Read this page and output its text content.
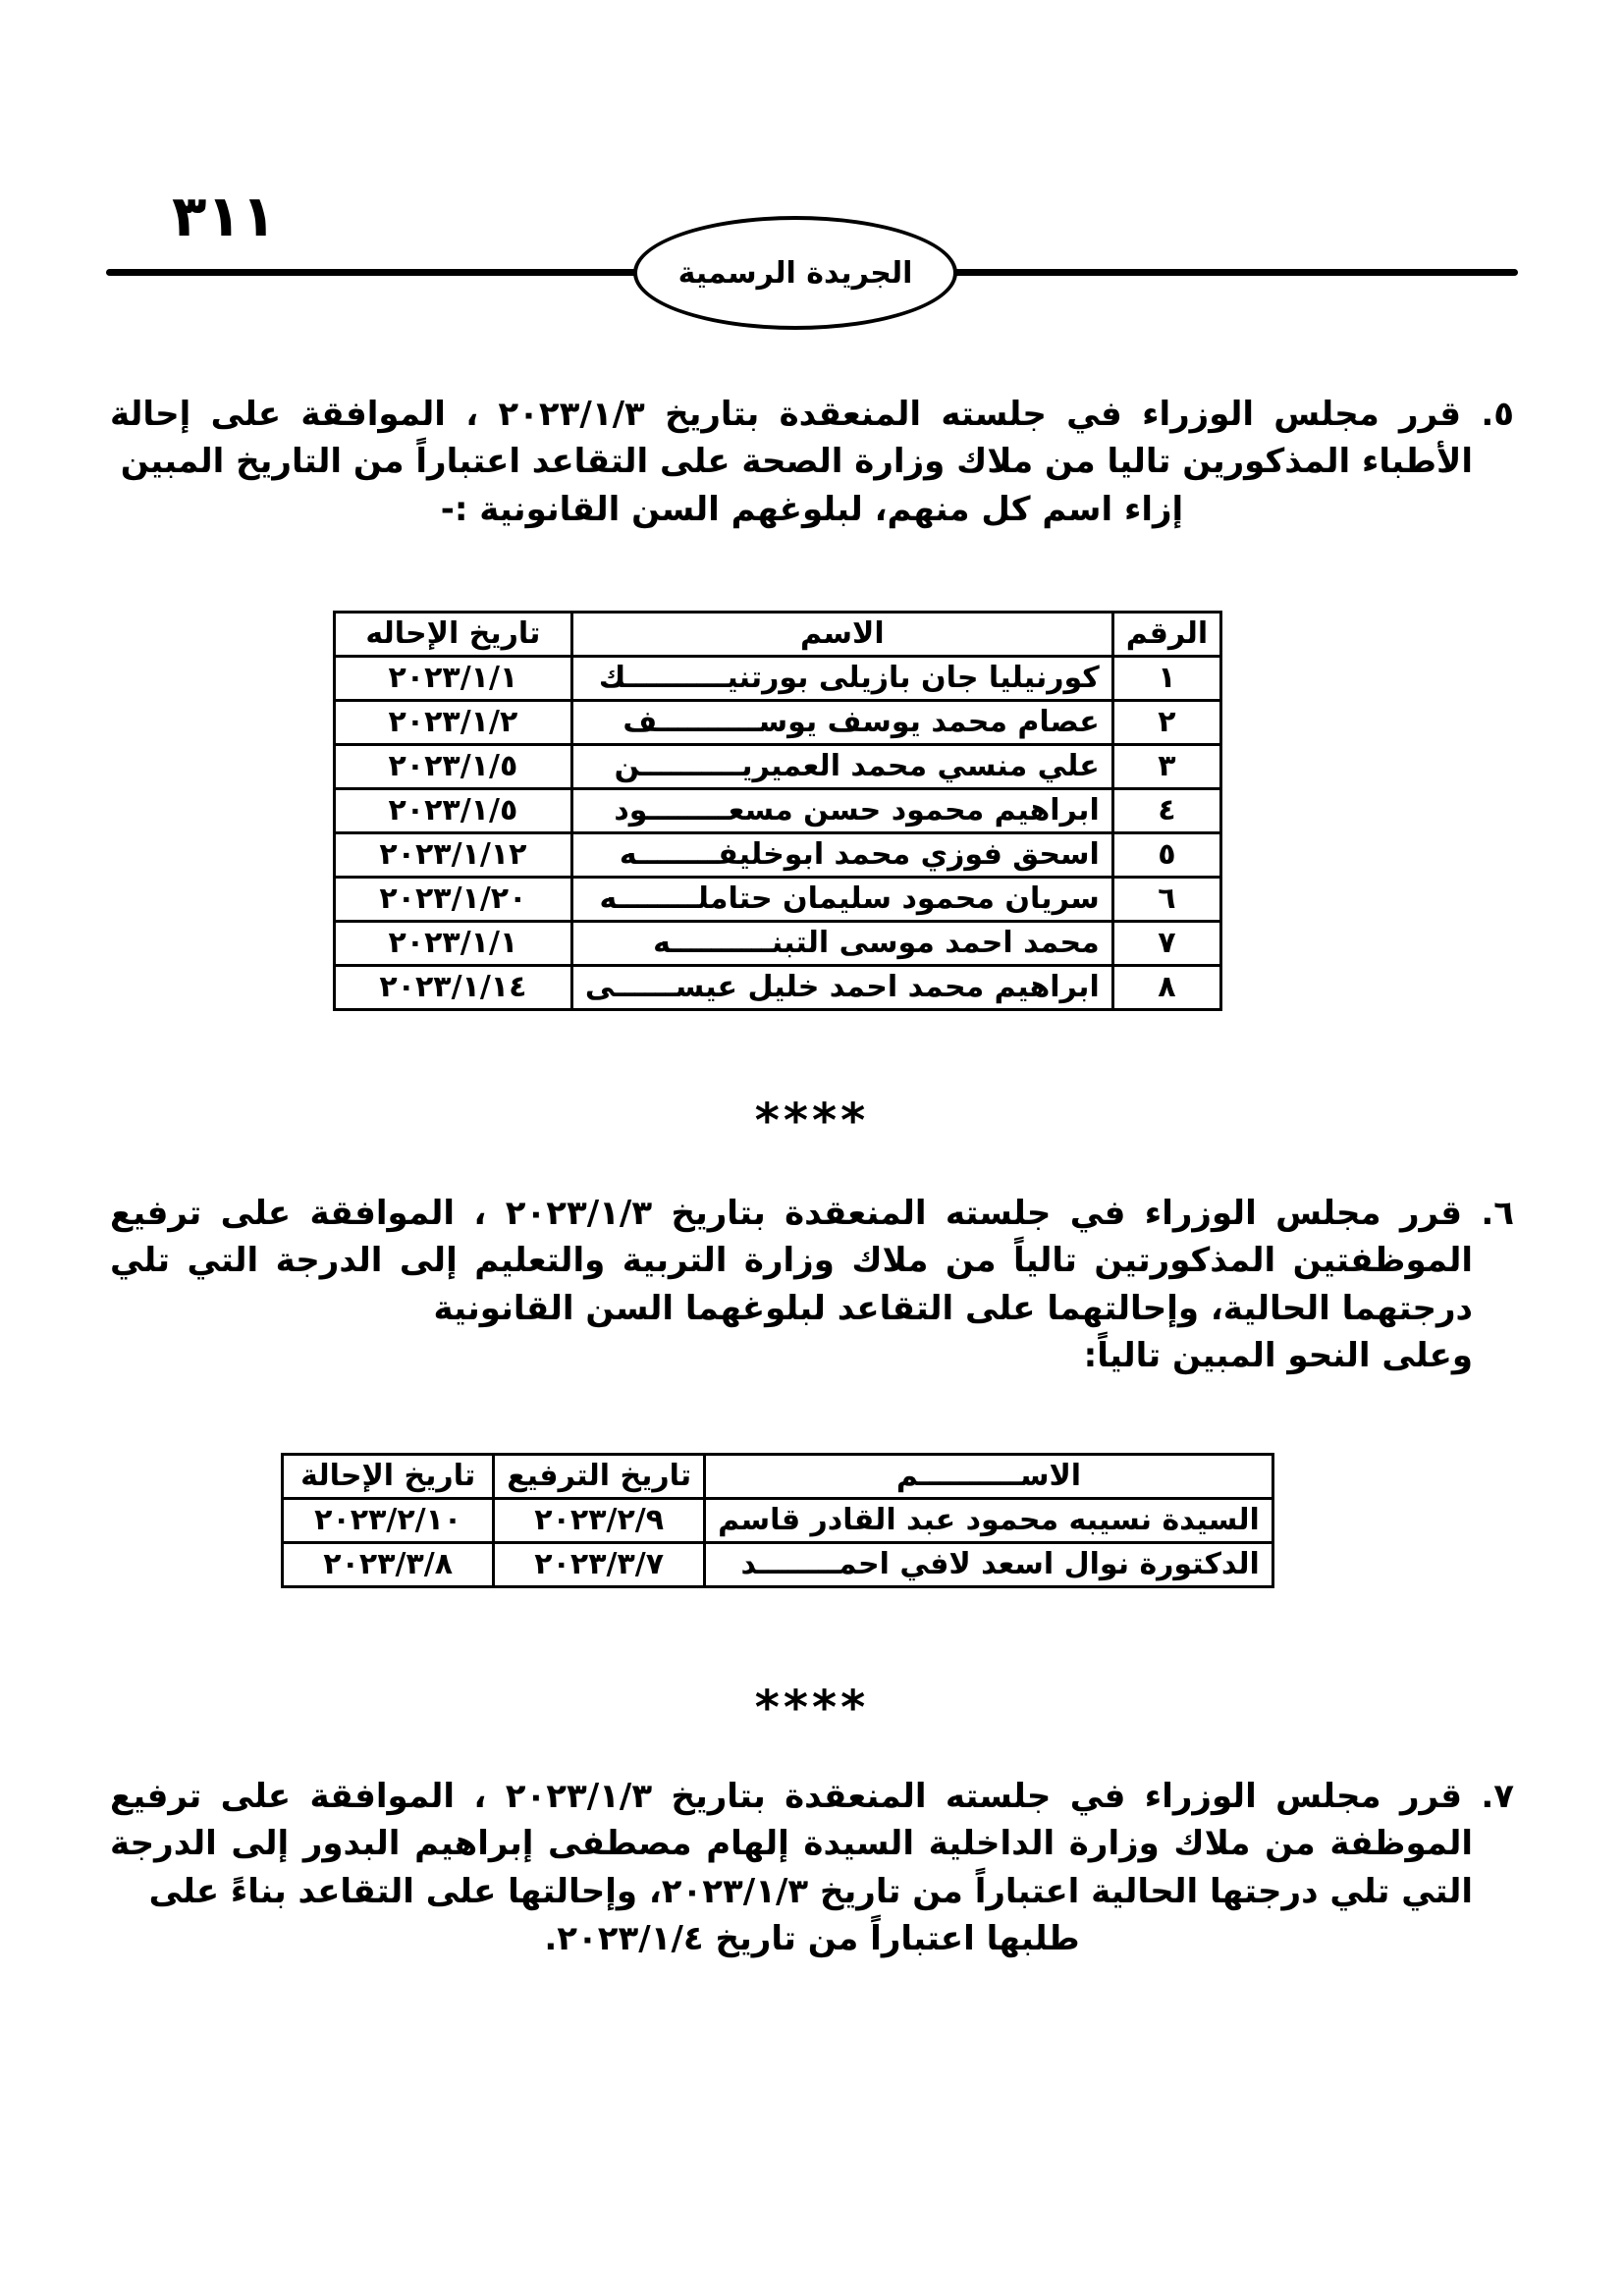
٣١١
الجريدة الرسمية
٥. قرر مجلس الوزراء في جلسته المنعقدة بتاريخ ٢٠٢٣/١/٣ ، الموافقة على إحالة الأطباء المذكورين تاليا من ملاك وزارة الصحة على التقاعد اعتباراً من التاريخ المبين
إزاء اسم كل منهم، لبلوغهم السن القانونية :-
الرقم	الاسم	تاريخ الإحاله
١	كورنيليا جان بازيلى بورتنيــــــــــك	٢٠٢٣/١/١
٢	عصام محمد يوسف يوســــــــــف	٢٠٢٣/١/٢
٣	علي منسي محمد العميريــــــــــن	٢٠٢٣/١/٥
٤	ابراهيم محمود حسن مسعــــــــود	٢٠٢٣/١/٥
٥	اسحق فوزي محمد ابوخليفــــــــه	٢٠٢٣/١/١٢
٦	سريان محمود سليمان حتاملــــــــه	٢٠٢٣/١/٢٠
٧	محمد احمد موسى التبنــــــــــه	٢٠٢٣/١/١
٨	ابراهيم محمد احمد خليل عيســــــى	٢٠٢٣/١/١٤
****
٦. قرر مجلس الوزراء في جلسته المنعقدة بتاريخ ٢٠٢٣/١/٣ ، الموافقة على ترفيع الموظفتين المذكورتين تالياً من ملاك وزارة التربية والتعليم إلى الدرجة التي تلي درجتهما الحالية، وإحالتهما على التقاعد لبلوغهما السن القانونية
وعلى النحو المبين تالياً:
الاســــــــــم	تاريخ الترفيع	تاريخ الإحالة
السيدة نسيبه محمود عبد القادر قاسم	٢٠٢٣/٢/٩	٢٠٢٣/٢/١٠
الدكتورة نوال اسعد لافي احمــــــــد	٢٠٢٣/٣/٧	٢٠٢٣/٣/٨
****
٧. قرر مجلس الوزراء في جلسته المنعقدة بتاريخ ٢٠٢٣/١/٣ ، الموافقة على ترفيع الموظفة من ملاك وزارة الداخلية السيدة إلهام مصطفى إبراهيم البدور إلى الدرجة التي تلي درجتها الحالية اعتباراً من تاريخ ٢٠٢٣/١/٣، وإحالتها على التقاعد بناءً على
طلبها اعتباراً من تاريخ ٢٠٢٣/١/٤.
